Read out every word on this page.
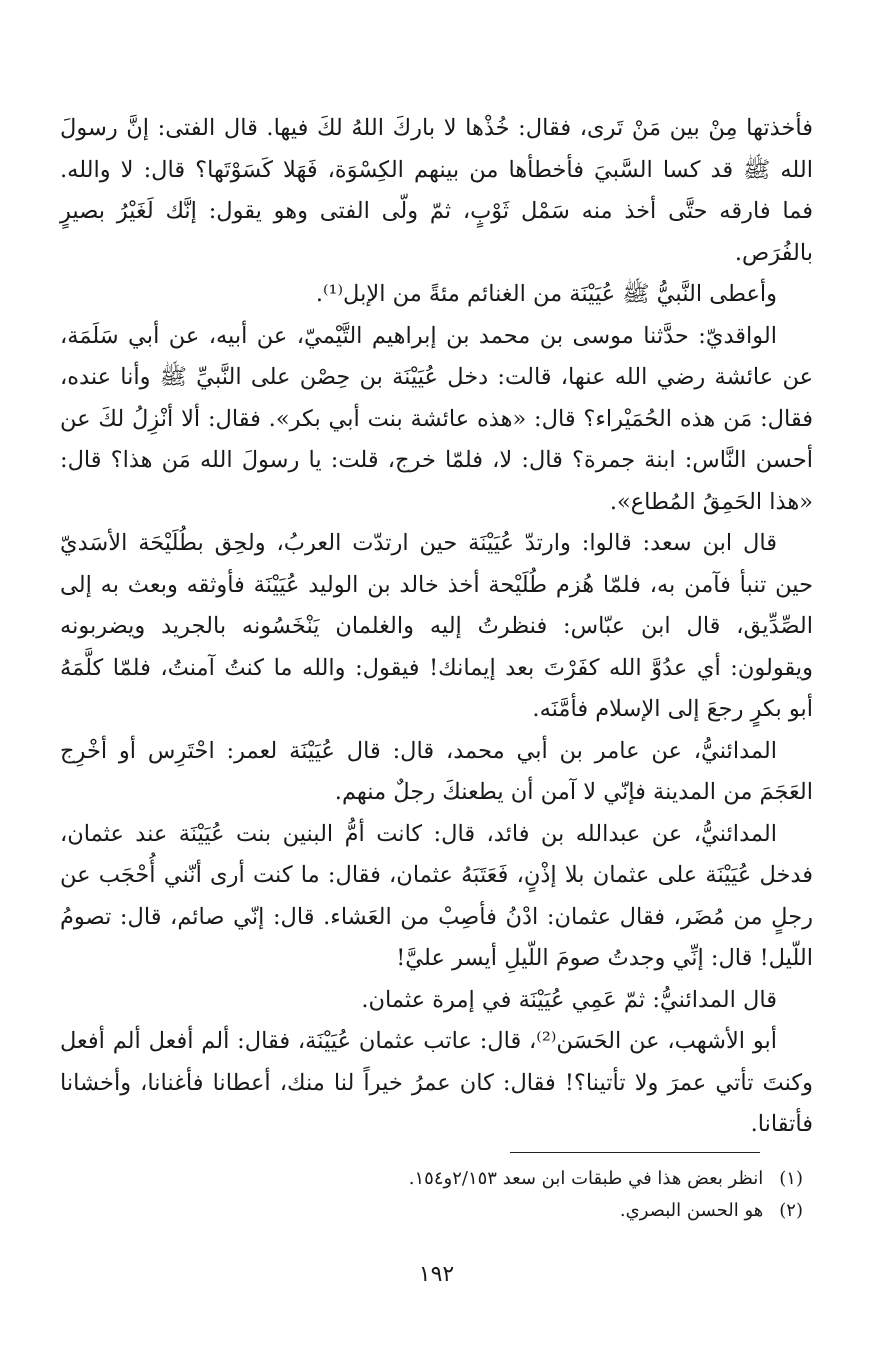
فأخذتها مِنْ بين مَنْ تَرى، فقال: خُذْها لا باركَ اللهُ لكَ فيها. قال الفتى: إنَّ رسولَ الله ﷺ قد كسا السَّبيَ فأخطأها من بينهم الكِسْوَة، فَهَلا كَسَوْتَها؟ قال: لا والله. فما فارقه حتَّى أخذ منه سَمْل ثَوْبٍ، ثمّ ولّى الفتى وهو يقول: إنَّك لَغَيْرُ بصيرٍ بالفُرَص.

وأعطى النَّبيُّ ﷺ عُيَيْنَة من الغنائم مئةً من الإبل⁽¹⁾.

الواقديّ: حدَّثنا موسى بن محمد بن إبراهيم التَّيْميّ، عن أبيه، عن أبي سَلَمَة، عن عائشة رضي الله عنها، قالت: دخل عُيَيْنَة بن حِصْن على النَّبيِّ ﷺ وأنا عنده، فقال: مَن هذه الحُمَيْراء؟ قال: «هذه عائشة بنت أبي بكر». فقال: ألا أنْزِلُ لكَ عن أحسن النَّاس: ابنة جمرة؟ قال: لا، فلمّا خرج، قلت: يا رسولَ الله مَن هذا؟ قال: «هذا الحَمِقُ المُطاع».

قال ابن سعد: قالوا: وارتدّ عُيَيْنَة حين ارتدّت العربُ، ولحِق بطُلَيْحَة الأسَديّ حين تنبأ فآمن به، فلمّا هُزم طُلَيْحة أخذ خالد بن الوليد عُيَيْنَة فأوثقه وبعث به إلى الصِّدِّيق، قال ابن عبّاس: فنظرتُ إليه والغلمان يَنْخَسُونه بالجريد ويضربونه ويقولون: أي عدُوَّ الله كفَرْتَ بعد إيمانك! فيقول: والله ما كنتُ آمنتُ، فلمّا كلَّمَهُ أبو بكرٍ رجعَ إلى الإسلام فأمَّنَه.

المدائنيُّ، عن عامر بن أبي محمد، قال: قال عُيَيْنَة لعمر: احْتَرِس أو أخْرِج العَجَمَ من المدينة فإنّي لا آمن أن يطعنكَ رجلٌ منهم.

المدائنيُّ، عن عبدالله بن فائد، قال: كانت أمُّ البنين بنت عُيَيْنَة عند عثمان، فدخل عُيَيْنَة على عثمان بلا إذْنٍ، فَعَتَبَهُ عثمان، فقال: ما كنت أرى أنّني أُحْجَب عن رجلٍ من مُضَر، فقال عثمان: ادْنُ فأصِبْ من العَشاء. قال: إنّي صائم، قال: تصومُ اللّيل! قال: إنِّي وجدتُ صومَ اللّيلِ أيسر عليَّ!

قال المدائنيُّ: ثمّ عَمِي عُيَيْنَة في إمرة عثمان.

أبو الأشهب، عن الحَسَن⁽²⁾، قال: عاتب عثمان عُيَيْنَة، فقال: ألم أفعل ألم أفعل وكنتَ تأتي عمرَ ولا تأتينا؟! فقال: كان عمرُ خيراً لنا منك، أعطانا فأغنانا، وأخشانا فأتقانا.

(١)
انظر بعض هذا في طبقات ابن سعد ٢/١٥٣و١٥٤.
(٢)
هو الحسن البصري.
١٩٢
